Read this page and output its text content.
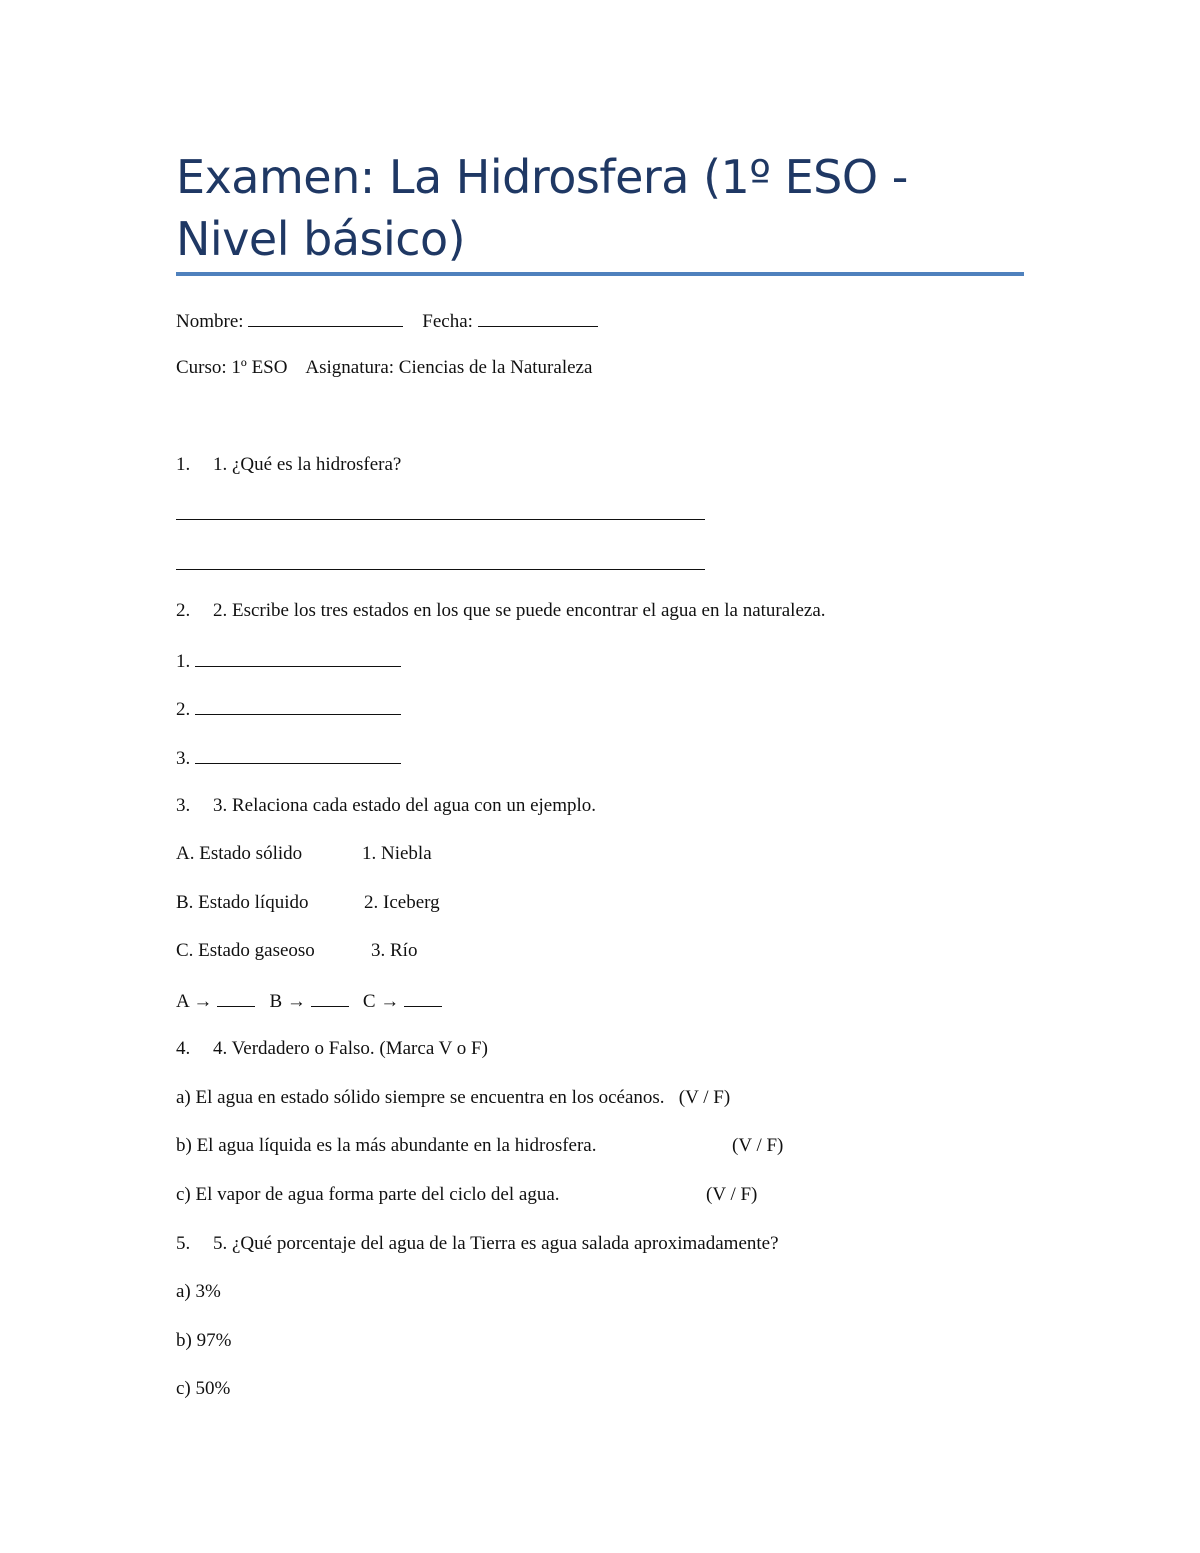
Examen: La Hidrosfera (1º ESO - Nivel básico)
Nombre:	Fecha:
Curso: 1º ESO    Asignatura: Ciencias de la Naturaleza
1. 1. ¿Qué es la hidrosfera?
2. 2. Escribe los tres estados en los que se puede encontrar el agua en la naturaleza.
1.
2.
3.
3. 3. Relaciona cada estado del agua con un ejemplo.
A. Estado sólido	1. Niebla
B. Estado líquido	2. Iceberg
C. Estado gaseoso	3. Río
A →	B →	C →
4. 4. Verdadero o Falso. (Marca V o F)
a) El agua en estado sólido siempre se encuentra en los océanos. (V / F)
b) El agua líquida es la más abundante en la hidrosfera.	(V / F)
c) El vapor de agua forma parte del ciclo del agua.	(V / F)
5. 5. ¿Qué porcentaje del agua de la Tierra es agua salada aproximadamente?
a) 3%
b) 97%
c) 50%
